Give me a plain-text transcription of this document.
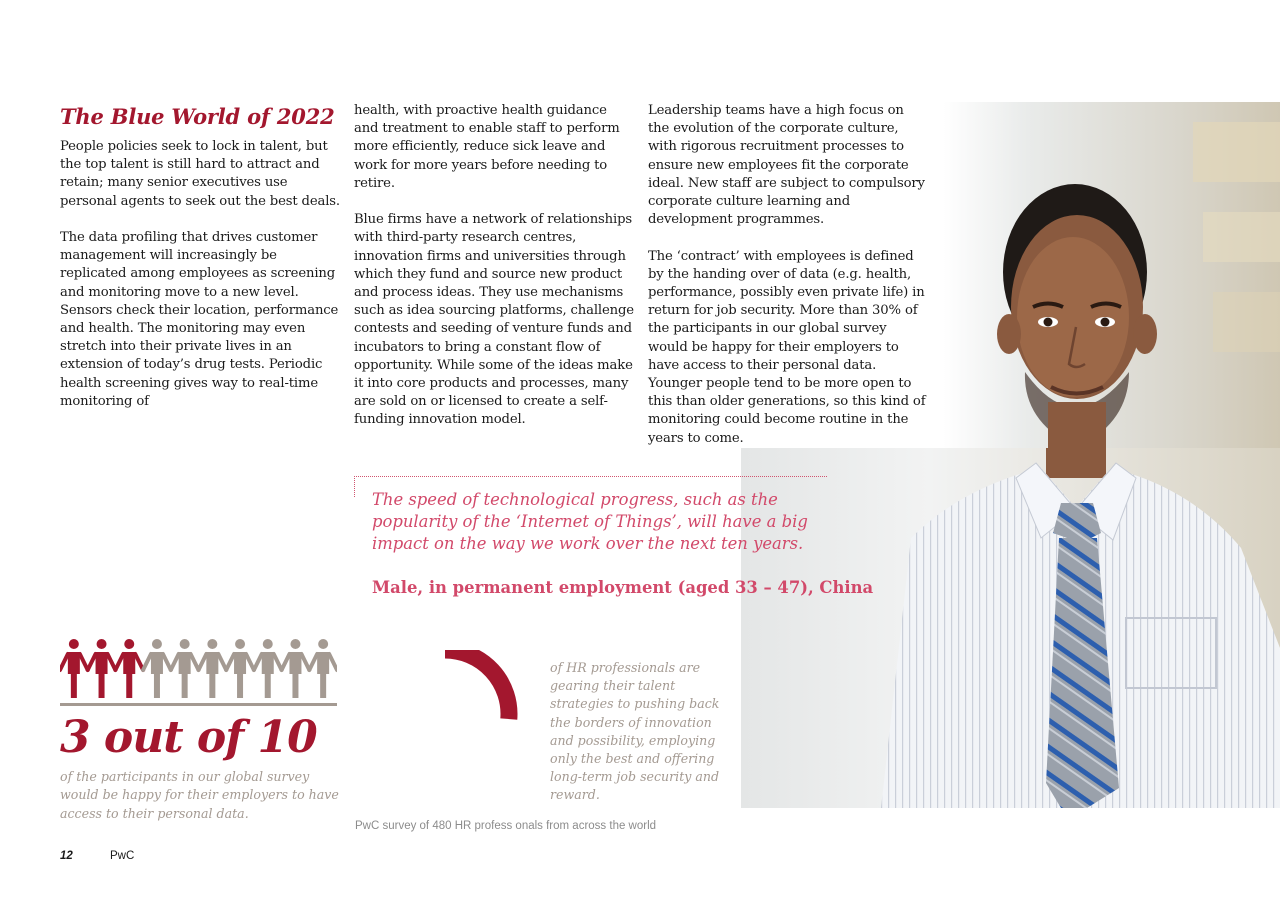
The Blue World of 2022

People policies seek to lock in talent, but the top talent is still hard to attract and retain; many senior executives use personal agents to seek out the best deals.

The data profiling that drives customer management will increasingly be replicated among employees as screening and monitoring move to a new level. Sensors check their location, performance and health. The monitoring may even stretch into their private lives in an extension of today’s drug tests. Periodic health screening gives way to real-time monitoring of

health, with proactive health guidance and treatment to enable staff to perform more efficiently, reduce sick leave and work for more years before needing to retire.

Blue firms have a network of relationships with third-party research centres, innovation firms and universities through which they fund and source new product and process ideas. They use mechanisms such as idea sourcing platforms, challenge contests and seeding of venture funds and incubators to bring a constant flow of opportunity. While some of the ideas make it into core products and processes, many are sold on or licensed to create a self-funding innovation model.

Leadership teams have a high focus on the evolution of the corporate culture, with rigorous recruitment processes to ensure new employees fit the corporate ideal. New staff are subject to compulsory corporate culture learning and development programmes.

The ‘contract’ with employees is defined by the handing over of data (e.g. health, performance, possibly even private life) in return for job security. More than 30% of the participants in our global survey would be happy for their employers to have access to their personal data. Younger people tend to be more open to this than older generations, so this kind of monitoring could become routine in the years to come.

The speed of technological progress, such as the popularity of the ‘Internet of Things’, will have a big impact on the way we work over the next ten years.

Male, in permanent employment (aged 33 – 47), China

3 out of 10

of the participants in our global survey would be happy for their employers to have access to their personal data.

of HR professionals are gearing their talent strategies to pushing back the borders of innovation and possibility, employing only the best and offering long-term job security and reward.

PwC survey of 480 HR profess onals from across the world

12	PwC
